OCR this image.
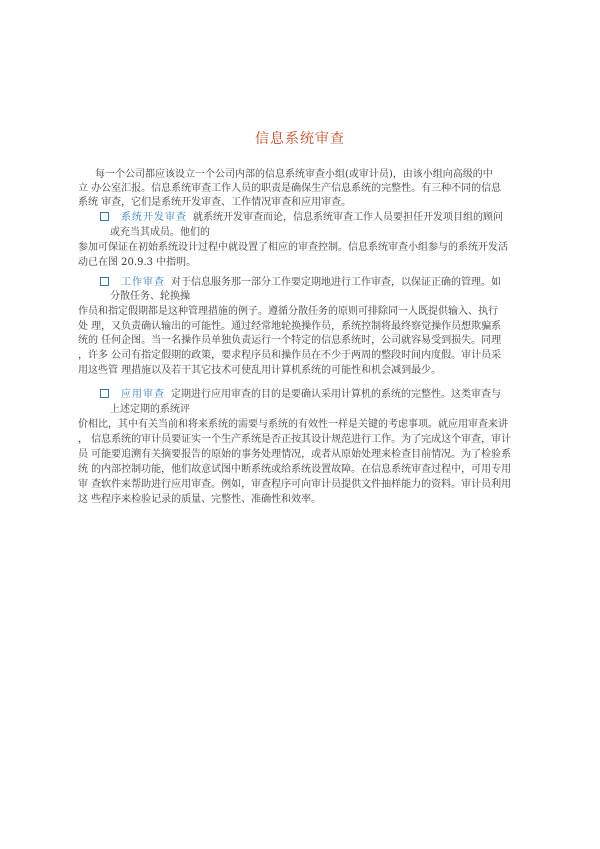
信息系统审查
每一个公司都应该设立一个公司内部的信息系统审查小组(或审计员)，由该小组向高级的中
立 办公室汇报。信息系统审查工作人员的职责是确保生产信息系统的完整性。有三种不同的信息
系统 审查，它们是系统开发审查、工作情况审查和应用审查。
系统开发审查 就系统开发审查而论，信息系统审查工作人员要担任开发项目组的顾问
或充当其成员。他们的
参加可保证在初始系统设计过程中就设置了相应的审查控制。信息系统审查小组参与的系统开发活
动已在图 20.9.3 中指明。
工作审查 对于信息服务那一部分工作要定期地进行工作审查，以保证正确的管理。如
分散任务、轮换操
作员和指定假期都是这种管理措施的例子。遵循分散任务的原则可排除同一人既提供输入、执行
处 理，又负责确认输出的可能性。通过经常地轮换操作员，系统控制将最终察觉操作员想欺骗系
统的 任何企图。当一名操作员单独负责运行一个特定的信息系统时，公司就容易受到损失。同理
，许多 公司有指定假期的政策，要求程序员和操作员在不少于两周的整段时间内度假。审计员采
用这些管 理措施以及若干其它技术可使乱用计算机系统的可能性和机会减到最少。
应用审查 定期进行应用审查的目的是要确认采用计算机的系统的完整性。这类审查与
上述定期的系统评
价相比，其中有关当前和将来系统的需要与系统的有效性一样是关键的考虑事项。就应用审查来讲
， 信息系统的审计员要证实一个生产系统是否正按其设计规范进行工作。为了完成这个审查，审计
员 可能要追溯有关摘要报告的原始的事务处理情况，或者从原始处理来检查目前情况。为了检验系
统 的内部控制功能，他们故意试图中断系统或给系统设置故障。在信息系统审查过程中，可用专用
审 查软件来帮助进行应用审查。例如，审查程序可向审计员提供文件抽样能力的资料。审计员利用
这 些程序来检验记录的质量、完整性、准确性和效率。
